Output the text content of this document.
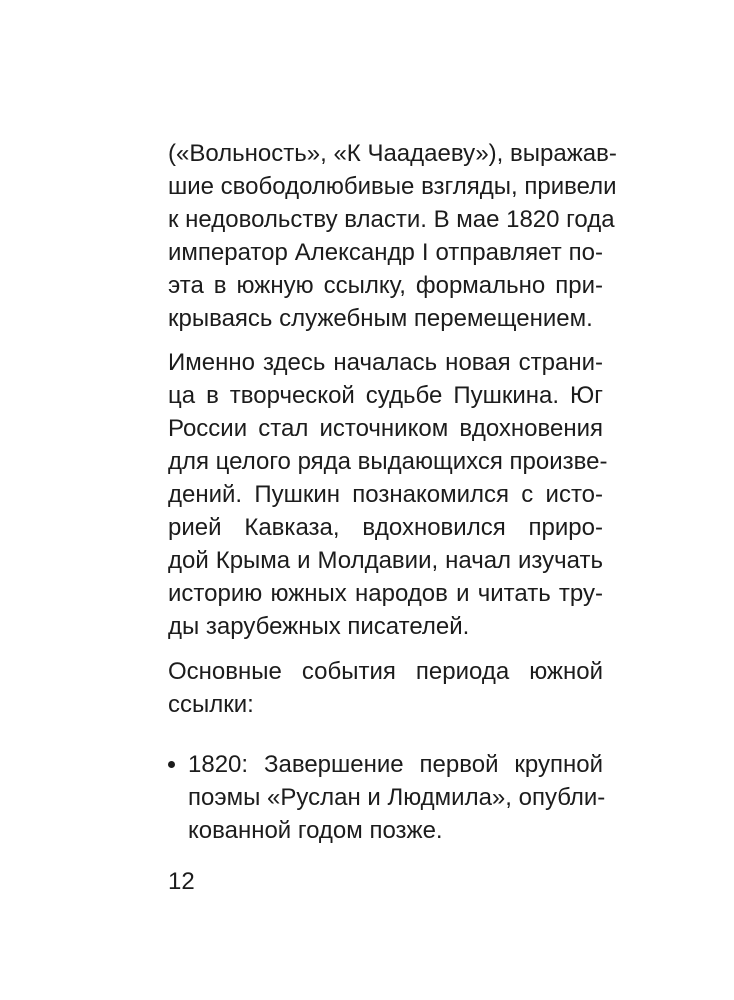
(«Вольность», «К Чаадаеву»), выражав-
шие свободолюбивые взгляды, привели
к недовольству власти. В мае 1820 года
император Александр I отправляет по-
эта в южную ссылку, формально при-
крываясь служебным перемещением.
Именно здесь началась новая страни-
ца в творческой судьбе Пушкина. Юг
России стал источником вдохновения
для целого ряда выдающихся произве-
дений. Пушкин познакомился с исто-
рией Кавказа, вдохновился приро-
дой Крыма и Молдавии, начал изучать
историю южных народов и читать тру-
ды зарубежных писателей.
Основные события периода южной
ссылки:
1820: Завершение первой крупной
поэмы «Руслан и Людмила», опубли-
кованной годом позже.
12
